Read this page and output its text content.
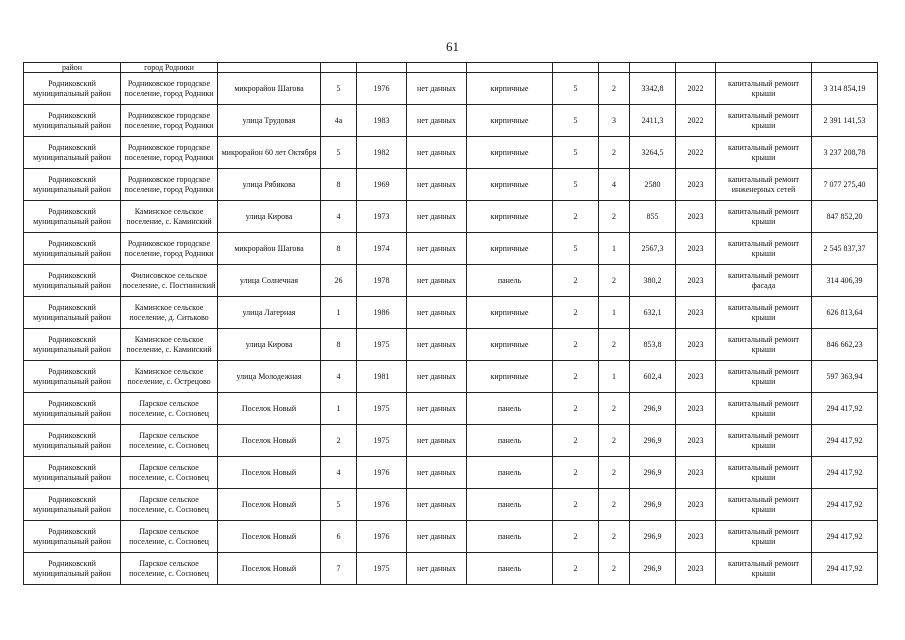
61
район	город Родники											
Родниковский муниципальный район	Родниковское городское поселение, город Родники	микрорайон Шагова	5	1976	нет данных	кирпичные	5	2	3342,8	2022	капитальный ремонт крыши	3 314 854,19
Родниковский муниципальный район	Родниковское городское поселение, город Родники	улица Трудовая	4а	1983	нет данных	кирпичные	5	3	2411,3	2022	капитальный ремонт крыши	2 391 141,53
Родниковский муниципальный район	Родниковское городское поселение, город Родники	микрорайон 60 лет Октября	5	1982	нет данных	кирпичные	5	2	3264,5	2022	капитальный ремонт крыши	3 237 208,78
Родниковский муниципальный район	Родниковское городское поселение, город Родники	улица Рябикова	8	1969	нет данных	кирпичные	5	4	2580	2023	капитальный ремонт инженерных сетей	7 077 275,40
Родниковский муниципальный район	Каминское сельское поселение, с. Каминский	улица Кирова	4	1973	нет данных	кирпичные	2	2	855	2023	капитальный ремонт крыши	847 852,20
Родниковский муниципальный район	Родниковское городское поселение, город Родники	микрорайон Шагова	8	1974	нет данных	кирпичные	5	1	2567,3	2023	капитальный ремонт крыши	2 545 837,37
Родниковский муниципальный район	Филисовское сельское поселение, с. Постнинский	улица Солнечная	26	1978	нет данных	панель	2	2	380,2	2023	капитальный ремонт фасада	314 406,39
Родниковский муниципальный район	Каминское сельское поселение, д. Ситьково	улица Лагерная	1	1986	нет данных	кирпичные	2	1	632,1	2023	капитальный ремонт крыши	626 813,64
Родниковский муниципальный район	Каминское сельское поселение, с. Каминский	улица Кирова	8	1975	нет данных	кирпичные	2	2	853,8	2023	капитальный ремонт крыши	846 662,23
Родниковский муниципальный район	Каминское сельское поселение, с. Острецово	улица Молодежная	4	1981	нет данных	кирпичные	2	1	602,4	2023	капитальный ремонт крыши	597 363,94
Родниковский муниципальный район	Парское сельское поселение, с. Сосновец	Поселок Новый	1	1975	нет данных	панель	2	2	296,9	2023	капитальный ремонт крыши	294 417,92
Родниковский муниципальный район	Парское сельское поселение, с. Сосновец	Поселок Новый	2	1975	нет данных	панель	2	2	296,9	2023	капитальный ремонт крыши	294 417,92
Родниковский муниципальный район	Парское сельское поселение, с. Сосновец	Поселок Новый	4	1976	нет данных	панель	2	2	296,9	2023	капитальный ремонт крыши	294 417,92
Родниковский муниципальный район	Парское сельское поселение, с. Сосновец	Поселок Новый	5	1976	нет данных	панель	2	2	296,9	2023	капитальный ремонт крыши	294 417,92
Родниковский муниципальный район	Парское сельское поселение, с. Сосновец	Поселок Новый	6	1976	нет данных	панель	2	2	296,9	2023	капитальный ремонт крыши	294 417,92
Родниковский муниципальный район	Парское сельское поселение, с. Сосновец	Поселок Новый	7	1975	нет данных	панель	2	2	296,9	2023	капитальный ремонт крыши	294 417,92
